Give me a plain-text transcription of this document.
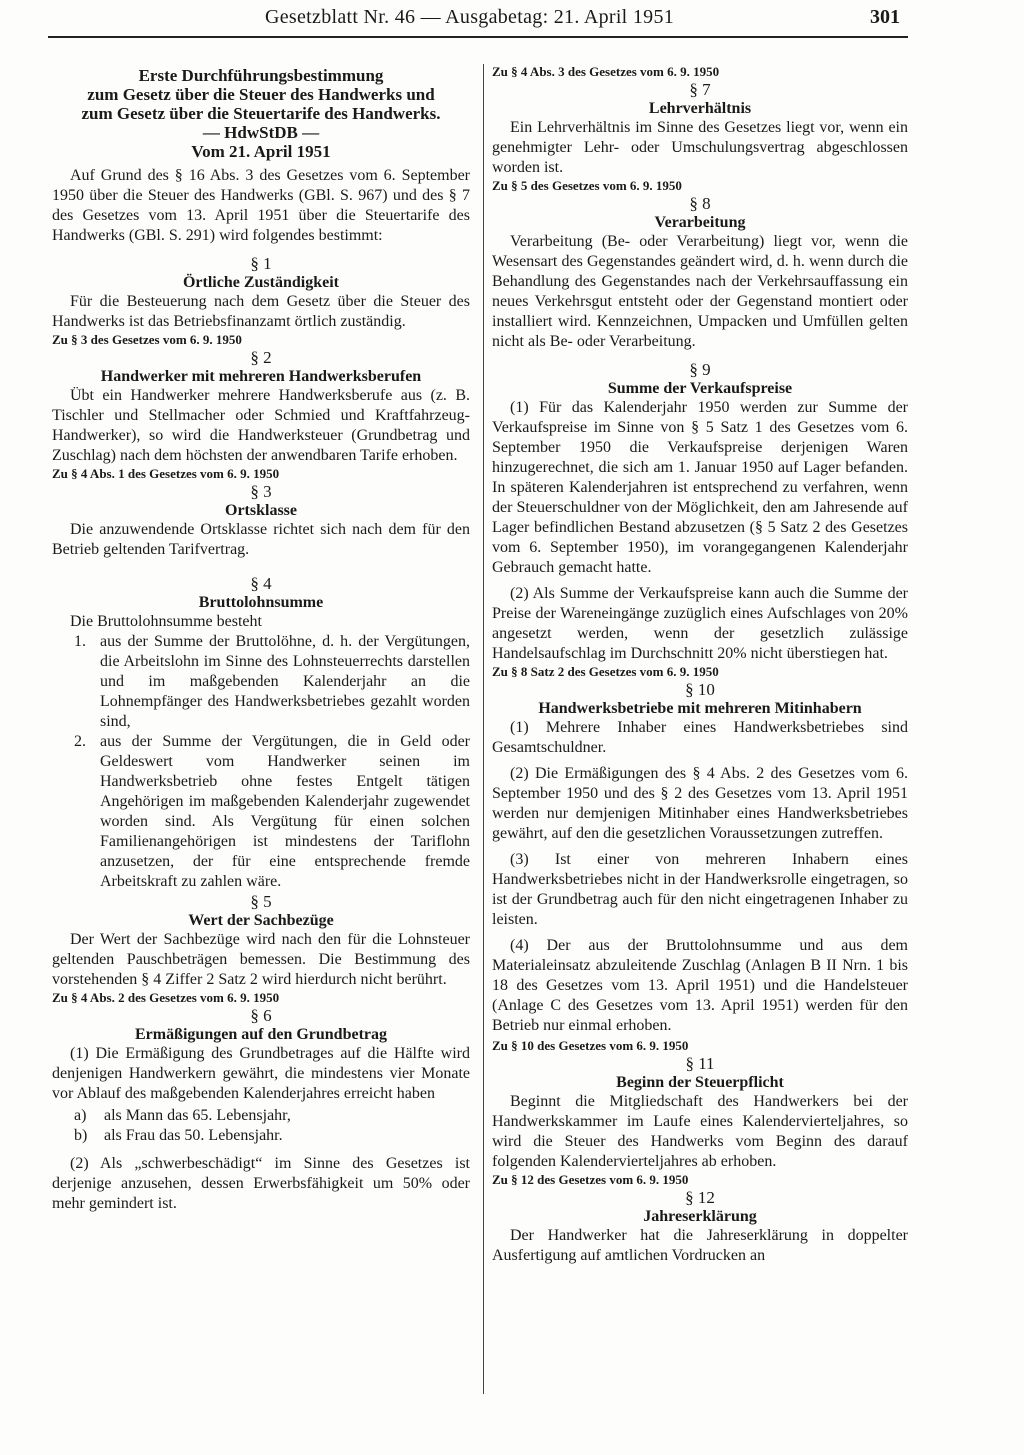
Gesetzblatt Nr. 46 — Ausgabetag: 21. April 1951	301
Erste Durchführungsbestimmung
zum Gesetz über die Steuer des Handwerks und
zum Gesetz über die Steuertarife des Handwerks.
— HdwStDB —
Vom 21. April 1951

Auf Grund des § 16 Abs. 3 des Gesetzes vom 6. September 1950 über die Steuer des Handwerks (GBl. S. 967) und des § 7 des Gesetzes vom 13. April 1951 über die Steuertarife des Handwerks (GBl. S. 291) wird folgendes bestimmt:

§ 1
Örtliche Zuständigkeit

Für die Besteuerung nach dem Gesetz über die Steuer des Handwerks ist das Betriebsfinanzamt örtlich zuständig.

Zu § 3 des Gesetzes vom 6. 9. 1950
§ 2
Handwerker mit mehreren Handwerksberufen

Übt ein Handwerker mehrere Handwerksberufe aus (z. B. Tischler und Stellmacher oder Schmied und Kraftfahrzeug-Handwerker), so wird die Handwerksteuer (Grundbetrag und Zuschlag) nach dem höchsten der anwendbaren Tarife erhoben.

Zu § 4 Abs. 1 des Gesetzes vom 6. 9. 1950
§ 3
Ortsklasse

Die anzuwendende Ortsklasse richtet sich nach dem für den Betrieb geltenden Tarifvertrag.

§ 4
Bruttolohnsumme

Die Bruttolohnsumme besteht

1. aus der Summe der Bruttolöhne, d. h. der Vergütungen, die Arbeitslohn im Sinne des Lohnsteuerrechts darstellen und im maßgebenden Kalenderjahr an die Lohnempfänger des Handwerksbetriebes gezahlt worden sind,
2. aus der Summe der Vergütungen, die in Geld oder Geldeswert vom Handwerker seinen im Handwerksbetrieb ohne festes Entgelt tätigen Angehörigen im maßgebenden Kalenderjahr zugewendet worden sind. Als Vergütung für einen solchen Familienangehörigen ist mindestens der Tariflohn anzusetzen, der für eine entsprechende fremde Arbeitskraft zu zahlen wäre.
§ 5
Wert der Sachbezüge

Der Wert der Sachbezüge wird nach den für die Lohnsteuer geltenden Pauschbeträgen bemessen. Die Bestimmung des vorstehenden § 4 Ziffer 2 Satz 2 wird hierdurch nicht berührt.

Zu § 4 Abs. 2 des Gesetzes vom 6. 9. 1950
§ 6
Ermäßigungen auf den Grundbetrag

(1) Die Ermäßigung des Grundbetrages auf die Hälfte wird denjenigen Handwerkern gewährt, die mindestens vier Monate vor Ablauf des maßgebenden Kalenderjahres erreicht haben

a)	als Mann das 65. Lebensjahr,
b)	als Frau das 50. Lebensjahr.

(2) Als „schwerbeschädigt“ im Sinne des Gesetzes ist derjenige anzusehen, dessen Erwerbsfähigkeit um 50% oder mehr gemindert ist.

Zu § 4 Abs. 3 des Gesetzes vom 6. 9. 1950
§ 7
Lehrverhältnis

Ein Lehrverhältnis im Sinne des Gesetzes liegt vor, wenn ein genehmigter Lehr- oder Umschulungsvertrag abgeschlossen worden ist.

Zu § 5 des Gesetzes vom 6. 9. 1950
§ 8
Verarbeitung

Verarbeitung (Be- oder Verarbeitung) liegt vor, wenn die Wesensart des Gegenstandes geändert wird, d. h. wenn durch die Behandlung des Gegenstandes nach der Verkehrsauffassung ein neues Verkehrsgut entsteht oder der Gegenstand montiert oder installiert wird. Kennzeichnen, Umpacken und Umfüllen gelten nicht als Be- oder Verarbeitung.

§ 9
Summe der Verkaufspreise

(1) Für das Kalenderjahr 1950 werden zur Summe der Verkaufspreise im Sinne von § 5 Satz 1 des Gesetzes vom 6. September 1950 die Verkaufspreise derjenigen Waren hinzugerechnet, die sich am 1. Januar 1950 auf Lager befanden. In späteren Kalenderjahren ist entsprechend zu verfahren, wenn der Steuerschuldner von der Möglichkeit, den am Jahresende auf Lager befindlichen Bestand abzusetzen (§ 5 Satz 2 des Gesetzes vom 6. September 1950), im vorangegangenen Kalenderjahr Gebrauch gemacht hatte.

(2) Als Summe der Verkaufspreise kann auch die Summe der Preise der Wareneingänge zuzüglich eines Aufschlages von 20% angesetzt werden, wenn der gesetzlich zulässige Handelsaufschlag im Durchschnitt 20% nicht überstiegen hat.

Zu § 8 Satz 2 des Gesetzes vom 6. 9. 1950
§ 10
Handwerksbetriebe mit mehreren Mitinhabern

(1) Mehrere Inhaber eines Handwerksbetriebes sind Gesamtschuldner.

(2) Die Ermäßigungen des § 4 Abs. 2 des Gesetzes vom 6. September 1950 und des § 2 des Gesetzes vom 13. April 1951 werden nur demjenigen Mitinhaber eines Handwerksbetriebes gewährt, auf den die gesetzlichen Voraussetzungen zutreffen.

(3) Ist einer von mehreren Inhabern eines Handwerksbetriebes nicht in der Handwerksrolle eingetragen, so ist der Grundbetrag auch für den nicht eingetragenen Inhaber zu leisten.

(4) Der aus der Bruttolohnsumme und aus dem Materialeinsatz abzuleitende Zuschlag (Anlagen B II Nrn. 1 bis 18 des Gesetzes vom 13. April 1951) und die Handelsteuer (Anlage C des Gesetzes vom 13. April 1951) werden für den Betrieb nur einmal erhoben.

Zu § 10 des Gesetzes vom 6. 9. 1950
§ 11
Beginn der Steuerpflicht

Beginnt die Mitgliedschaft des Handwerkers bei der Handwerkskammer im Laufe eines Kalendervierteljahres, so wird die Steuer des Handwerks vom Beginn des darauf folgenden Kalendervierteljahres ab erhoben.

Zu § 12 des Gesetzes vom 6. 9. 1950
§ 12
Jahreserklärung

Der Handwerker hat die Jahreserklärung in doppelter Ausfertigung auf amtlichen Vordrucken an
